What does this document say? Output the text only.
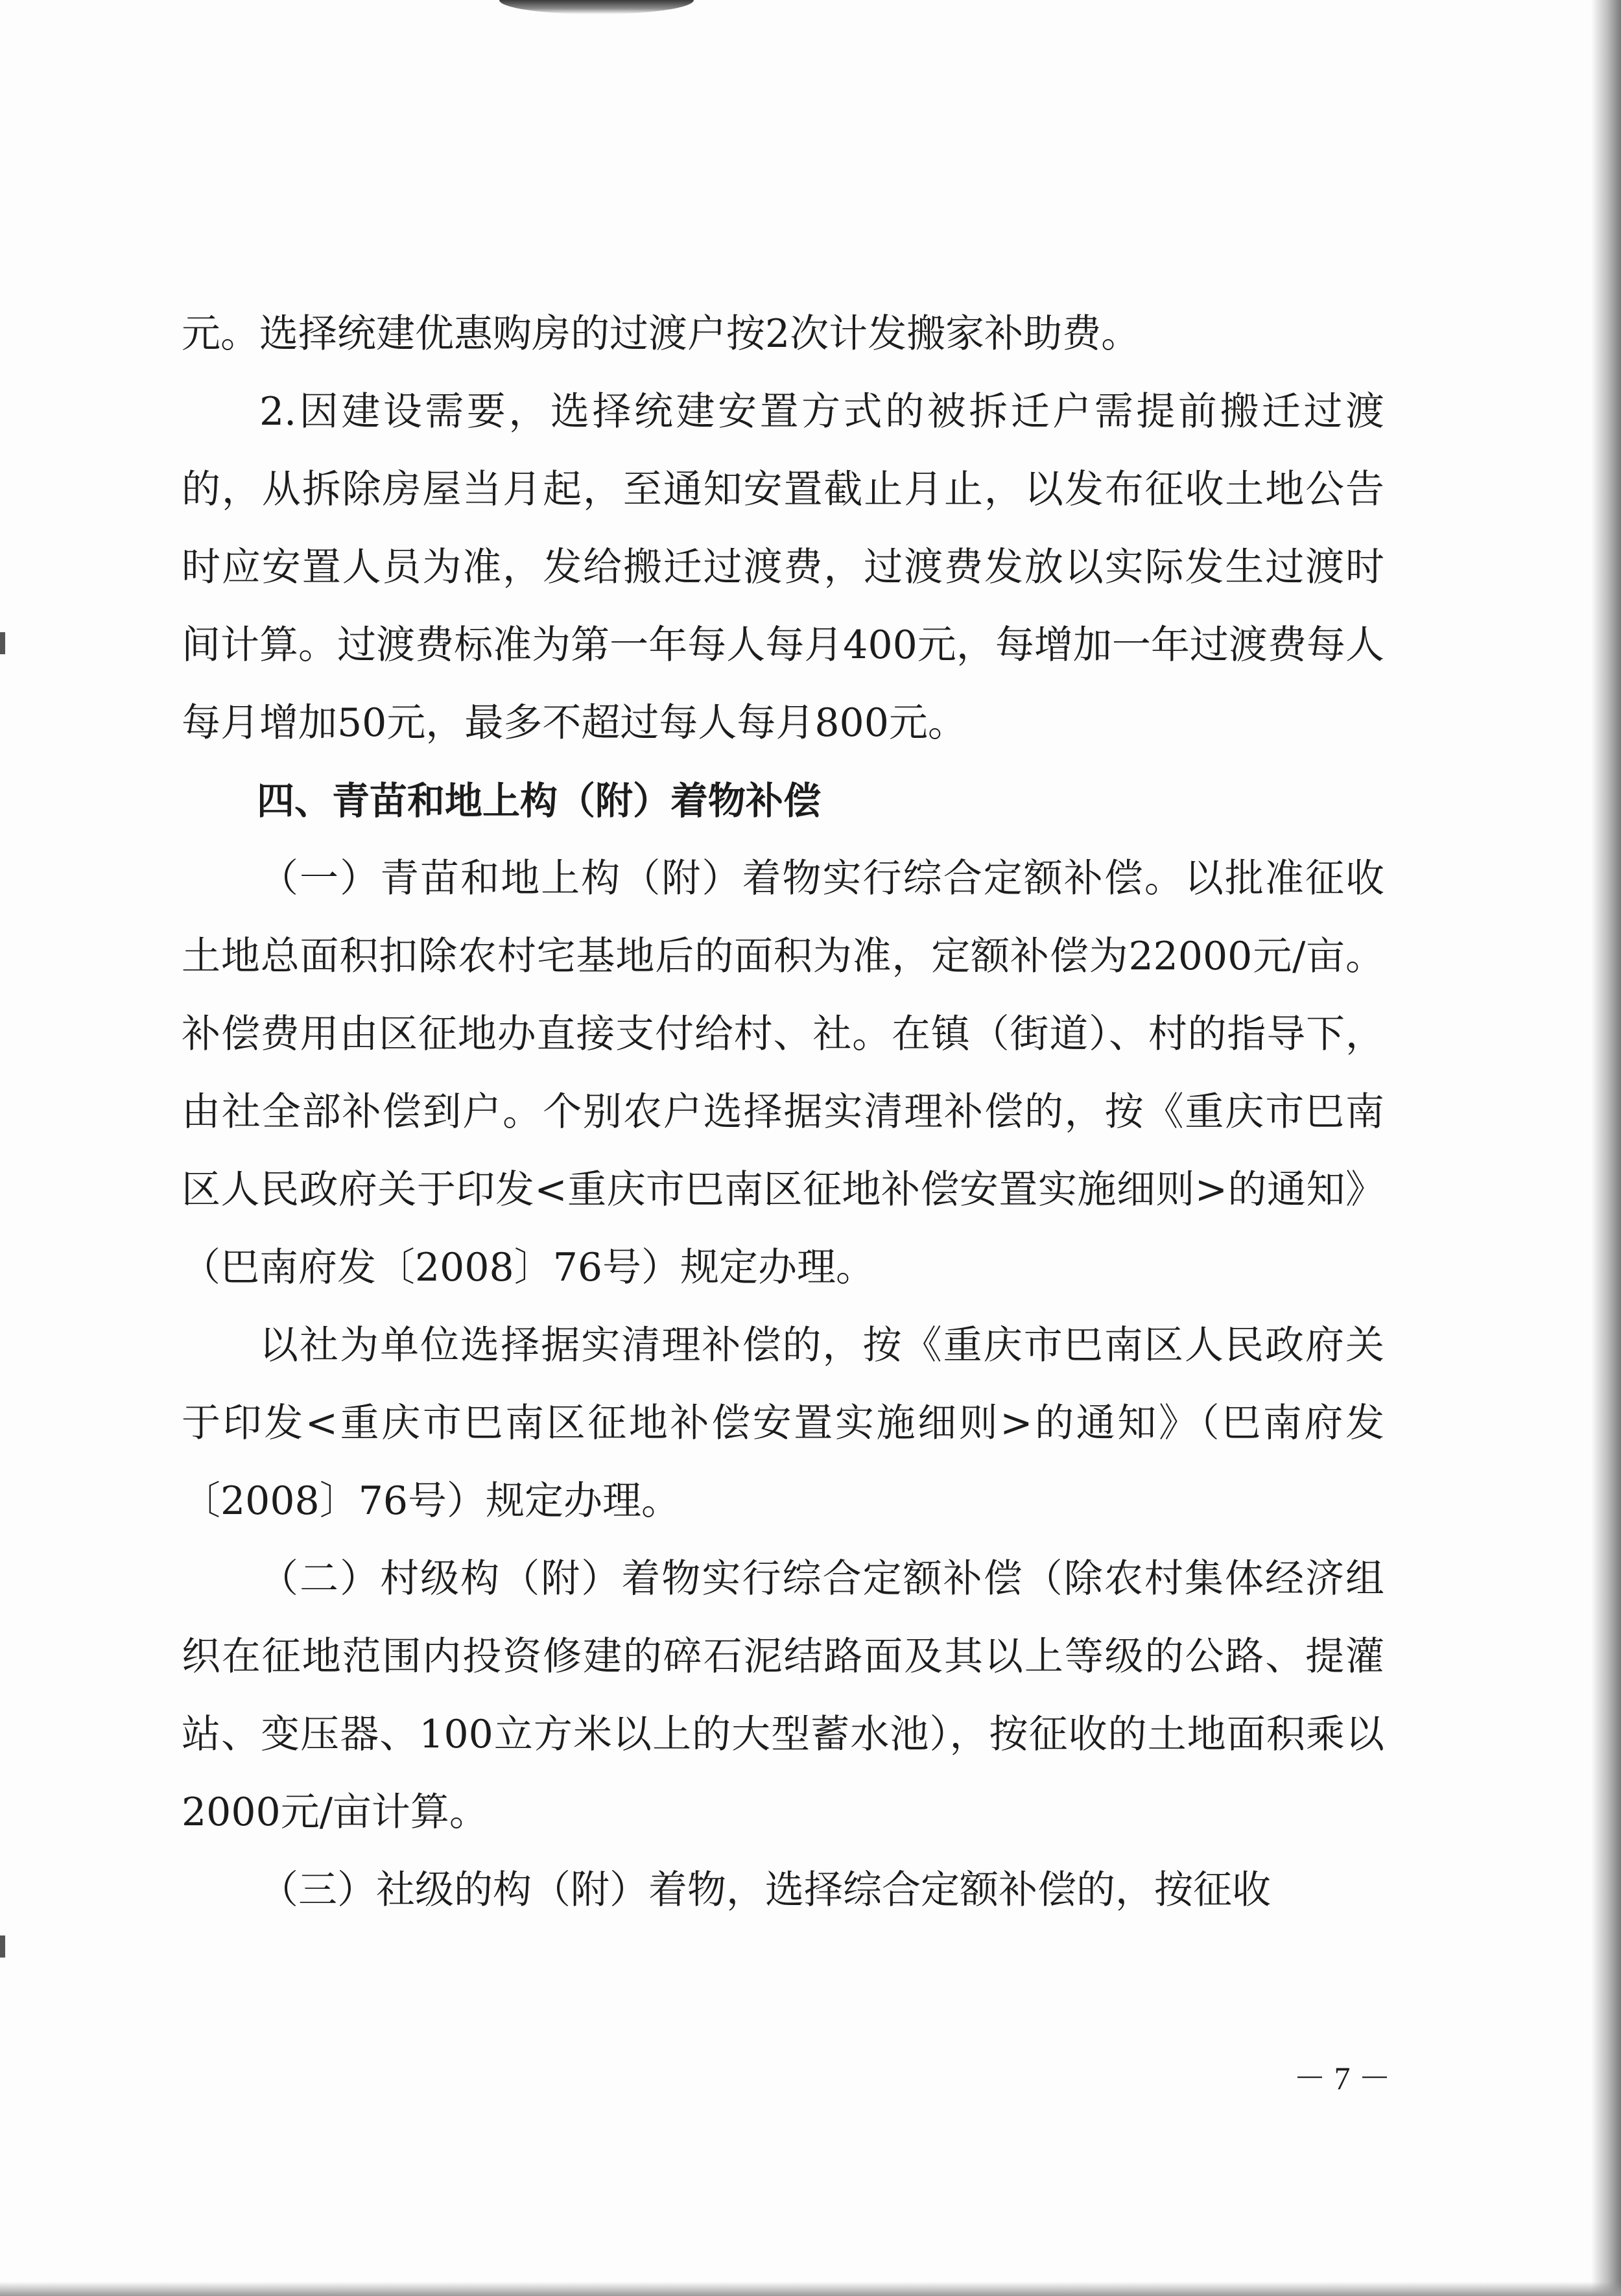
元。选择统建优惠购房的过渡户按2次计发搬家补助费。

2.因建设需要，选择统建安置方式的被拆迁户需提前搬迁过渡的，从拆除房屋当月起，至通知安置截止月止，以发布征收土地公告时应安置人员为准，发给搬迁过渡费，过渡费发放以实际发生过渡时间计算。过渡费标准为第一年每人每月400元，每增加一年过渡费每人每月增加50元，最多不超过每人每月800元。

四、青苗和地上构（附）着物补偿

（一）青苗和地上构（附）着物实行综合定额补偿。以批准征收土地总面积扣除农村宅基地后的面积为准，定额补偿为22000元/亩。补偿费用由区征地办直接支付给村、社。在镇（街道）、村的指导下，由社全部补偿到户。个别农户选择据实清理补偿的，按《重庆市巴南区人民政府关于印发<重庆市巴南区征地补偿安置实施细则>的通知》（巴南府发〔2008〕76号）规定办理。

以社为单位选择据实清理补偿的，按《重庆市巴南区人民政府关于印发<重庆市巴南区征地补偿安置实施细则>的通知》（巴南府发〔2008〕76号）规定办理。

（二）村级构（附）着物实行综合定额补偿（除农村集体经济组织在征地范围内投资修建的碎石泥结路面及其以上等级的公路、提灌站、变压器、100立方米以上的大型蓄水池），按征收的土地面积乘以2000元/亩计算。

（三）社级的构（附）着物，选择综合定额补偿的，按征收

－ 7 －
